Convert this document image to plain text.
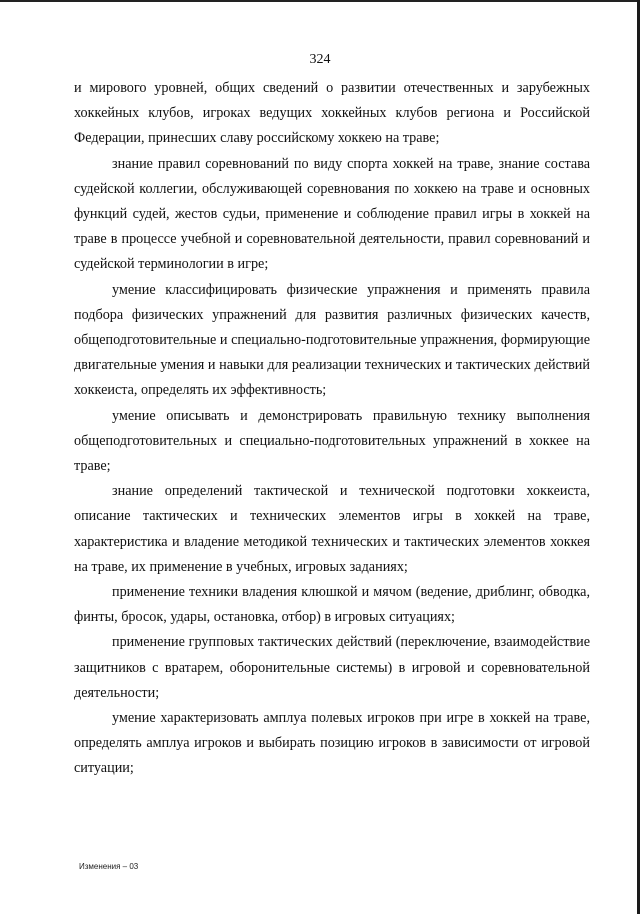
324

и мирового уровней, общих сведений о развитии отечественных и зарубежных хоккейных клубов, игроках ведущих хоккейных клубов региона и Российской Федерации, принесших славу российскому хоккею на траве;

знание правил соревнований по виду спорта хоккей на траве, знание состава судейской коллегии, обслуживающей соревнования по хоккею на траве и основных функций судей, жестов судьи, применение и соблюдение правил игры в хоккей на траве в процессе учебной и соревновательной деятельности, правил соревнований и судейской терминологии в игре;

умение классифицировать физические упражнения и применять правила подбора физических упражнений для развития различных физических качеств, общеподготовительные и специально-подготовительные упражнения, формирующие двигательные умения и навыки для реализации технических и тактических действий хоккеиста, определять их эффективность;

умение описывать и демонстрировать правильную технику выполнения общеподготовительных и специально-подготовительных упражнений в хоккее на траве;

знание определений тактической и технической подготовки хоккеиста, описание тактических и технических элементов игры в хоккей на траве, характеристика и владение методикой технических и тактических элементов хоккея на траве, их применение в учебных, игровых заданиях;

применение техники владения клюшкой и мячом (ведение, дриблинг, обводка, финты, бросок, удары, остановка, отбор) в игровых ситуациях;

применение групповых тактических действий (переключение, взаимодействие защитников с вратарем, оборонительные системы) в игровой и соревновательной деятельности;

умение характеризовать амплуа полевых игроков при игре в хоккей на траве, определять амплуа игроков и выбирать позицию игроков в зависимости от игровой ситуации;

Изменения – 03
